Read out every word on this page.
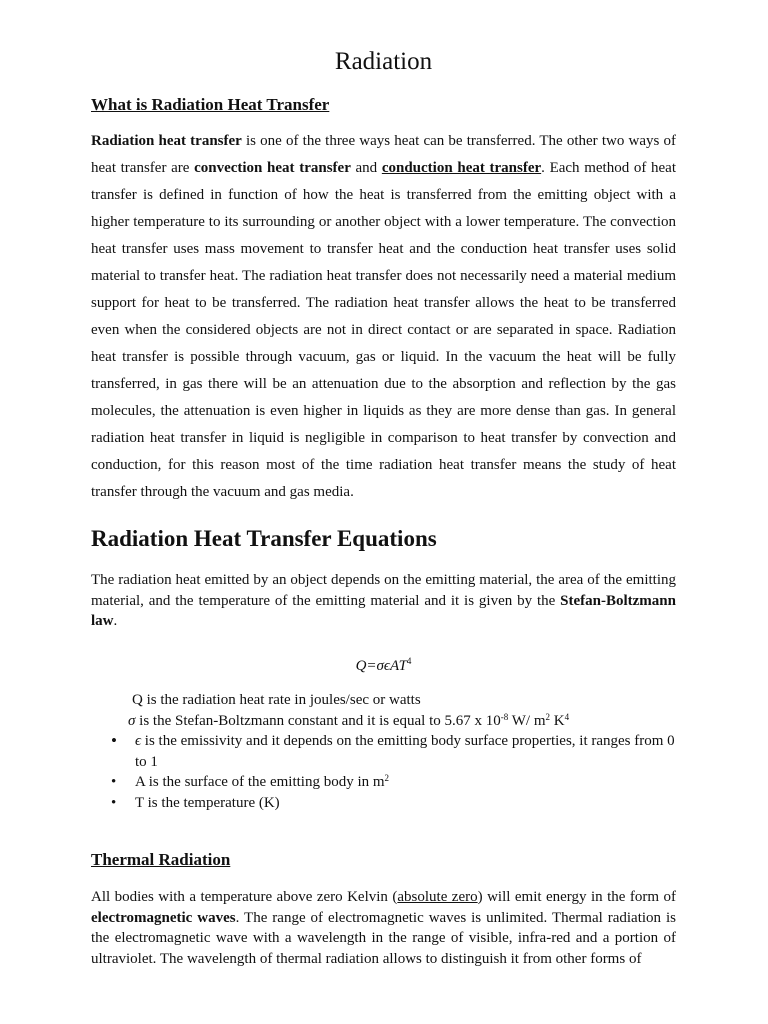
Radiation
What is Radiation Heat Transfer
Radiation heat transfer is one of the three ways heat can be transferred. The other two ways of heat transfer are convection heat transfer and conduction heat transfer. Each method of heat transfer is defined in function of how the heat is transferred from the emitting object with a higher temperature to its surrounding or another object with a lower temperature. The convection heat transfer uses mass movement to transfer heat and the conduction heat transfer uses solid material to transfer heat. The radiation heat transfer does not necessarily need a material medium support for heat to be transferred. The radiation heat transfer allows the heat to be transferred even when the considered objects are not in direct contact or are separated in space. Radiation heat transfer is possible through vacuum, gas or liquid. In the vacuum the heat will be fully transferred, in gas there will be an attenuation due to the absorption and reflection by the gas molecules, the attenuation is even higher in liquids as they are more dense than gas. In general radiation heat transfer in liquid is negligible in comparison to heat transfer by convection and conduction, for this reason most of the time radiation heat transfer means the study of heat transfer through the vacuum and gas media.
Radiation Heat Transfer Equations
The radiation heat emitted by an object depends on the emitting material, the area of the emitting material, and the temperature of the emitting material and it is given by the Stefan-Boltzmann law.
Q=σϵAT$^4$
Q is the radiation heat rate in joules/sec or watts
σ is the Stefan-Boltzmann constant and it is equal to 5.67 x $10^{-8}$ W/ $m^2$ $K^4$
•	ϵ is the emissivity and it depends on the emitting body surface properties, it ranges from 0 to 1
•	A is the surface of the emitting body in $m^2$
•	T is the temperature (K)
Thermal Radiation
All bodies with a temperature above zero Kelvin (absolute zero) will emit energy in the form of electromagnetic waves. The range of electromagnetic waves is unlimited. Thermal radiation is the electromagnetic wave with a wavelength in the range of visible, infra-red and a portion of ultraviolet. The wavelength of thermal radiation allows to distinguish it from other forms of
